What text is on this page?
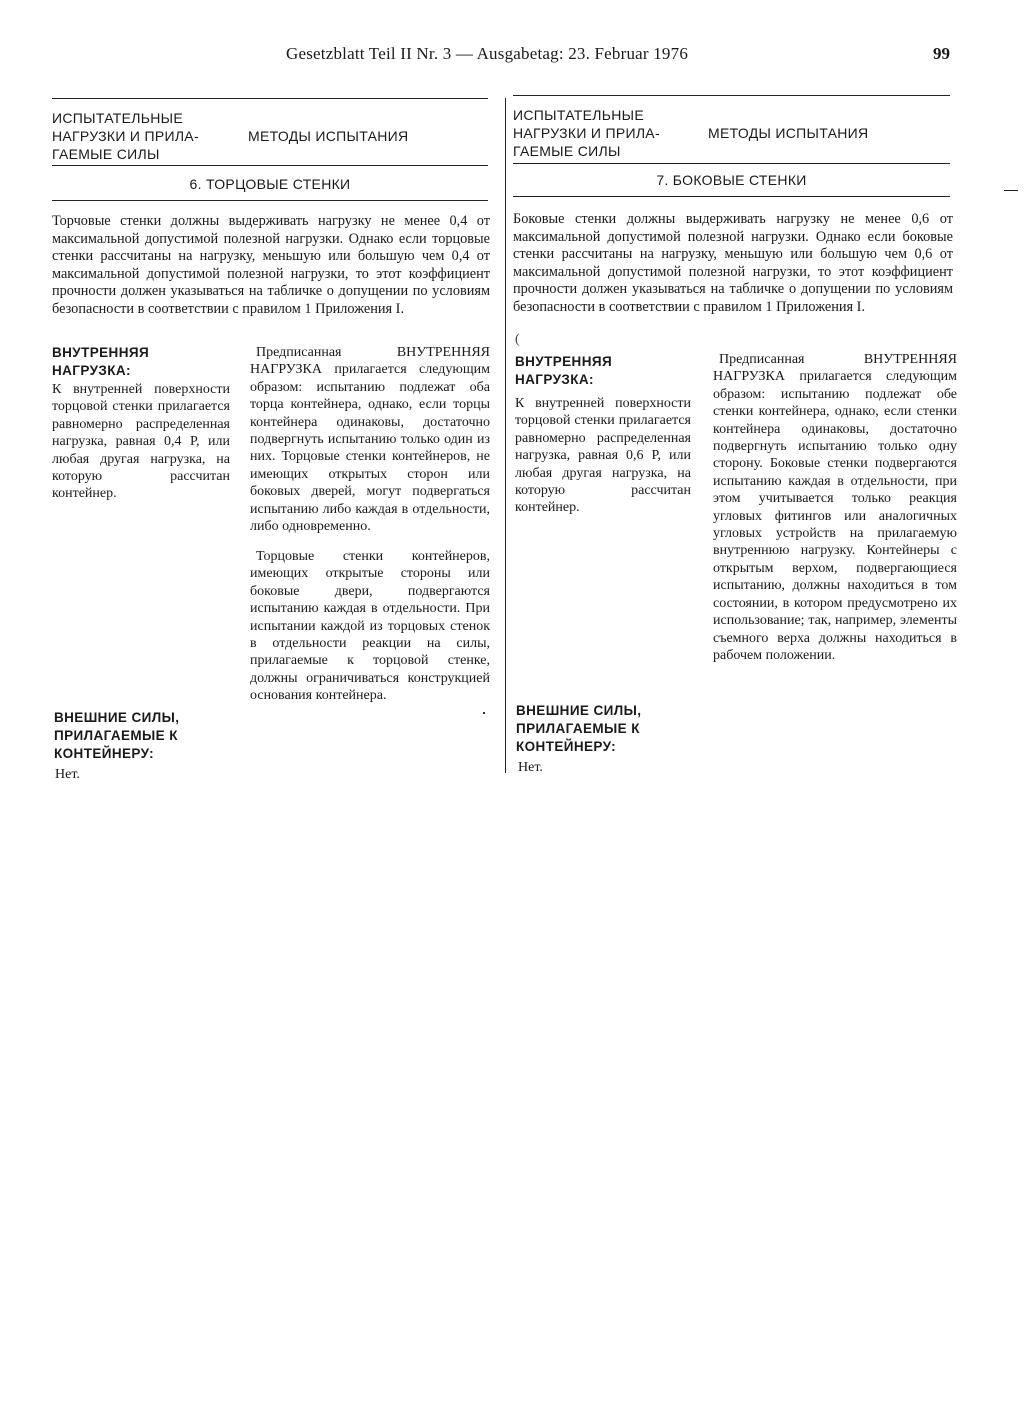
Gesetzblatt Teil II Nr. 3 — Ausgabetag: 23. Februar 1976	99
ИСПЫТАТЕЛЬНЫЕ
НАГРУЗКИ И ПРИЛА-
ГАЕМЫЕ СИЛЫ
МЕТОДЫ ИСПЫТАНИЯ
6. ТОРЦОВЫЕ СТЕНКИ

Торчовые стенки должны выдерживать нагрузку не менее 0,4 от максимальной допустимой полезной нагрузки. Однако если торцовые стенки рассчитаны на нагрузку, меньшую или большую чем 0,4 от максимальной допустимой полезной нагрузки, то этот коэффициент прочности должен указываться на табличке о допущении по условиям безопасности в соответствии с правилом 1 Приложения I.

ВНУТРЕННЯЯ
НАГРУЗКА:
К внутренней поверхности торцовой стенки прилагается равномерно распределенная нагрузка, равная 0,4 Р, или любая другая нагрузка, на которую рассчитан контейнер.
Предписанная ВНУТРЕННЯЯ НАГРУЗКА прилагается следующим образом: испытанию подлежат оба торца контейнера, однако, если торцы контейнера одинаковы, достаточно подвергнуть испытанию только один из них. Торцовые стенки контейнеров, не имеющих открытых сторон или боковых дверей, могут подвергаться испытанию либо каждая в отдельности, либо одновременно.
Торцовые стенки контейнеров, имеющих открытые стороны или боковые двери, подвергаются испытанию каждая в отдельности. При испытании каждой из торцовых стенок в отдельности реакции на силы, прилагаемые к торцовой стенке, должны ограничиваться конструкцией основания контейнера.
ВНЕШНИЕ СИЛЫ,
ПРИЛАГАЕМЫЕ К
КОНТЕЙНЕРУ:
Нет.
ИСПЫТАТЕЛЬНЫЕ
НАГРУЗКИ И ПРИЛА-
ГАЕМЫЕ СИЛЫ
МЕТОДЫ ИСПЫТАНИЯ
7. БОКОВЫЕ СТЕНКИ

Боковые стенки должны выдерживать нагрузку не менее 0,6 от максимальной допустимой полезной нагрузки. Однако если боковые стенки рассчитаны на нагрузку, меньшую или большую чем 0,6 от максимальной допустимой полезной нагрузки, то этот коэффициент прочности должен указываться на табличке о допущении по условиям безопасности в соответствии с правилом 1 Приложения I.

(
ВНУТРЕННЯЯ
НАГРУЗКА:
К внутренней поверхности торцовой стенки прилагается равномерно распределенная нагрузка, равная 0,6 Р, или любая другая нагрузка, на которую рассчитан контейнер.
Предписанная ВНУТРЕННЯЯ НАГРУЗКА прилагается следующим образом: испытанию подлежат обе стенки контейнера, однако, если стенки контейнера одинаковы, достаточно подвергнуть испытанию только одну сторону. Боковые стенки подвергаются испытанию каждая в отдельности, при этом учитывается только реакция угловых фитингов или аналогичных угловых устройств на прилагаемую внутреннюю нагрузку. Контейнеры с открытым верхом, подвергающиеся испытанию, должны находиться в том состоянии, в котором предусмотрено их использование; так, например, элементы съемного верха должны находиться в рабочем положении.
ВНЕШНИЕ СИЛЫ,
ПРИЛАГАЕМЫЕ К
КОНТЕЙНЕРУ:
Нет.
